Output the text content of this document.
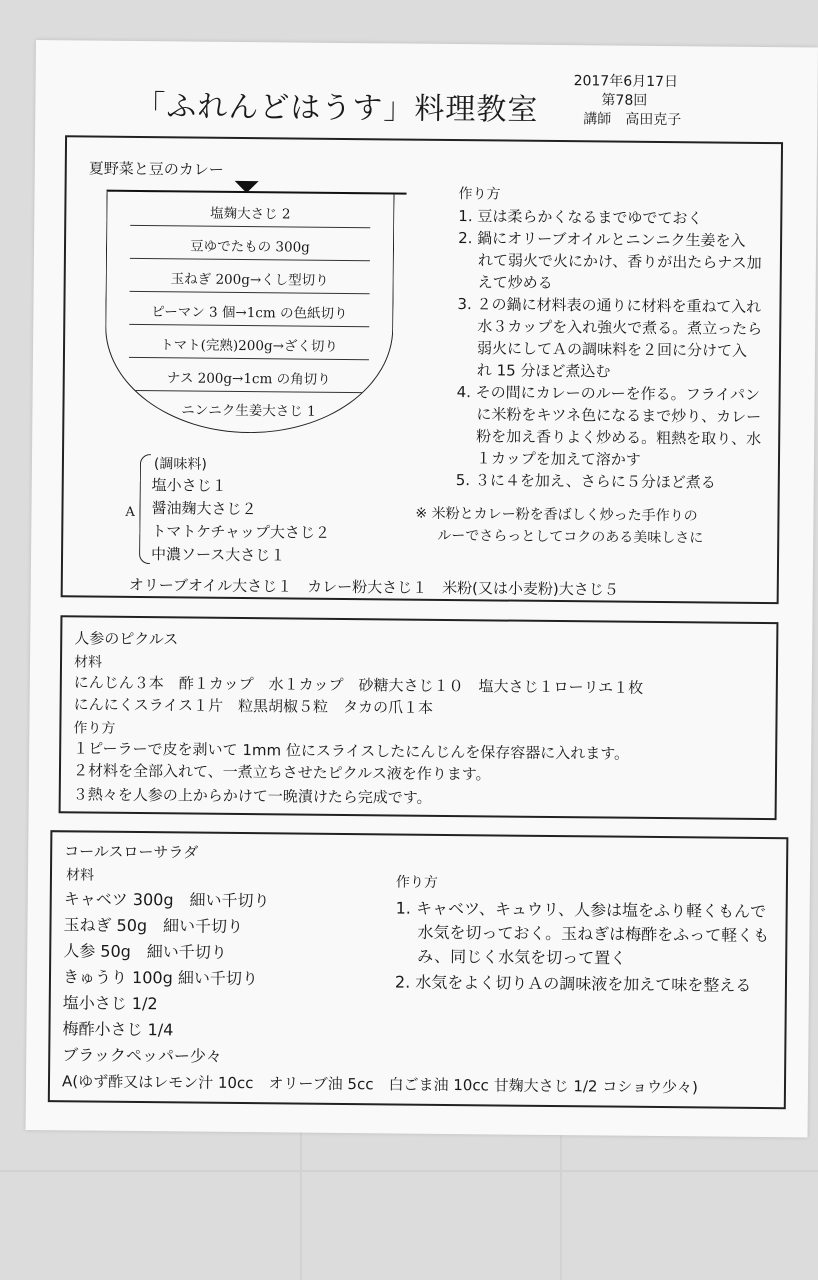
「ふれんどはうす」料理教室
2017年6月17日
第78回
講師　 高田克子
夏野菜と豆のカレー
塩麹大さじ 2
豆ゆでたもの 300g
玉ねぎ 200g→くし型切り
ピーマン 3 個→1cm の色紙切り
トマト(完熟)200g→ざく切り
ナス 200g→1cm の角切り
ニンニク生姜大さじ 1
(調味料)
A
塩小さじ１
醤油麹大さじ２
トマトケチャップ大さじ２
中濃ソース大さじ１
オリーブオイル大さじ１　カレー粉大さじ１　米粉(又は小麦粉)大さじ５
作り方
1. 豆は柔らかくなるまでゆでておく
2. 鍋にオリーブオイルとニンニク生姜を入
れて弱火で火にかけ、香りが出たらナス加
えて炒める
3. ２の鍋に材料表の通りに材料を重ねて入れ
水３カップを入れ強火で煮る。煮立ったら
弱火にしてＡの調味料を２回に分けて入
れ 15 分ほど煮込む
4. その間にカレーのルーを作る。フライパン
に米粉をキツネ色になるまで炒り、カレー
粉を加え香りよく炒める。粗熱を取り、水
１カップを加えて溶かす
5. ３に４を加え、さらに５分ほど煮る
※ 米粉とカレー粉を香ばしく炒った手作りの
ルーでさらっとしてコクのある美味しさに
人参のピクルス
材料
にんじん３本　酢１カップ　水１カップ　砂糖大さじ１０　塩大さじ１ローリエ１枚
にんにくスライス１片　粒黒胡椒５粒　タカの爪１本
作り方
１ピーラーで皮を剥いて 1mm 位にスライスしたにんじんを保存容器に入れます。
２材料を全部入れて、一煮立ちさせたピクルス液を作ります。
３熱々を人参の上からかけて一晩漬けたら完成です。
コールスローサラダ
材料
キャベツ 300g　細い千切り
玉ねぎ 50g　細い千切り
人参 50g　細い千切り
きゅうり 100g 細い千切り
塩小さじ 1/2
梅酢小さじ 1/4
ブラックペッパー少々
A(ゆず酢又はレモン汁 10cc　オリーブ油 5cc　白ごま油 10cc 甘麹大さじ 1/2 コショウ少々)
作り方
1. キャベツ、キュウリ、人参は塩をふり軽くもんで
水気を切っておく。玉ねぎは梅酢をふって軽くも
み、同じく水気を切って置く
2. 水気をよく切りＡの調味液を加えて味を整える
